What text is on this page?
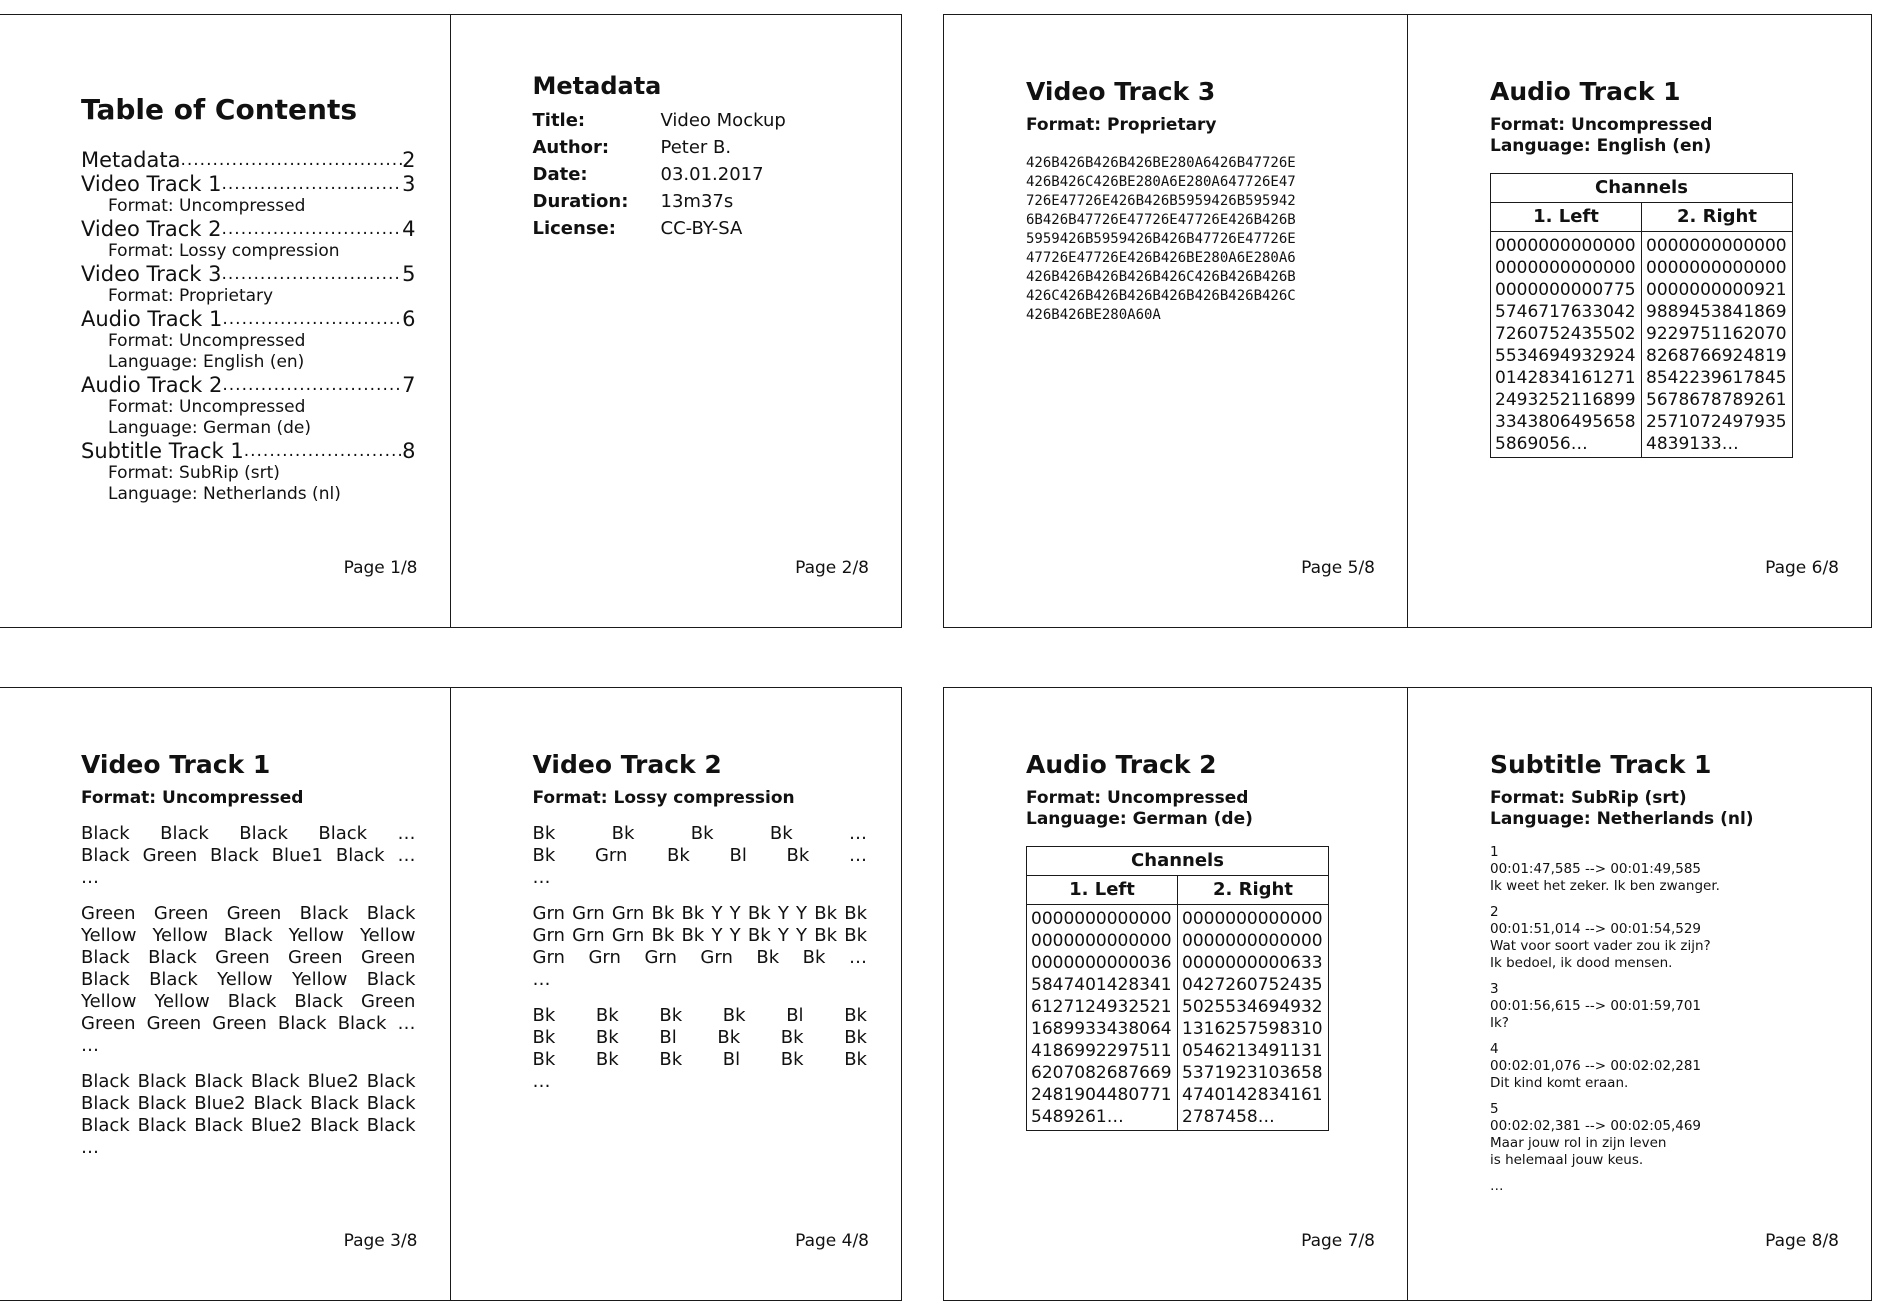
Table of Contents
Metadata .....	2
Video Track 1 .....	3
Format: Uncompressed
Video Track 2 .....	4
Format: Lossy compression
Video Track 3 .....	5
Format: Proprietary
Audio Track 1 .....	6
Format: Uncompressed
Language: English (en)
Audio Track 2 .....	7
Format: Uncompressed
Language: German (de)
Subtitle Track 1 .....	8
Format: SubRip (srt)
Language: Netherlands (nl)

Page 1/8

Metadata
Title:	Video Mockup
Author:	Peter B.
Date:	03.01.2017
Duration:	13m37s
License:	CC-BY-SA

Page 2/8

Video Track 3

Format: Proprietary

426B426B426B426BE280A6426B47726E
426B426C426BE280A6E280A647726E47
726E47726E426B426B5959426B595942
6B426B47726E47726E47726E426B426B
5959426B5959426B426B47726E47726E
47726E47726E426B426BE280A6E280A6
426B426B426B426B426C426B426B426B
426C426B426B426B426B426B426B426C
426B426BE280A60A

Page 5/8

Audio Track 1

Format: Uncompressed

Language: English (en)

Channels	
1. Left	2. Right
0000000000000	0000000000000
0000000000000	0000000000000
0000000000775	0000000000921
5746717633042	9889453841869
7260752435502	9229751162070
5534694932924	8268766924819
0142834161271	8542239617845
2493252116899	5678678789261
3343806495658	2571072497935
5869056…	4839133…

Page 6/8

Video Track 1

Format: Uncompressed

Black Black Black Black …
Black Green Black Blue1 Black …
…
Green Green Green Black Black
Yellow Yellow Black Yellow Yellow
Black Black Green Green Green
Black Black Yellow Yellow Black
Yellow Yellow Black Black Green
Green Green Green Black Black …
…
Black Black Black Black Blue2 Black
Black Black Blue2 Black Black Black
Black Black Black Blue2 Black Black
…

Page 3/8

Video Track 2

Format: Lossy compression

Bk	Bk	Bk	Bk	…
Bk Grn Bk Bl Bk …
…
Grn Grn Grn Bk Bk Y Y Bk Y Y Bk Bk
Grn Grn Grn Bk Bk Y Y Bk Y Y Bk Bk
Grn Grn Grn Grn Bk Bk …
…
Bk Bk Bk Bk Bl Bk
Bk Bk Bl Bk Bk Bk
Bk Bk Bk Bl Bk Bk
…

Page 4/8

Audio Track 2

Format: Uncompressed

Language: German (de)

Channels	
1. Left	2. Right
0000000000000	0000000000000
0000000000000	0000000000000
0000000000036	0000000000633
5847401428341	0427260752435
6127124932521	5025534694932
1689933438064	1316257598310
4186992297511	0546213491131
6207082687669	5371923103658
2481904480771	4740142834161
5489261…	2787458…

Page 7/8

Subtitle Track 1

Format: SubRip (srt)

Language: Netherlands (nl)

1
00:01:47,585 --> 00:01:49,585
Ik weet het zeker. Ik ben zwanger.
2
00:01:51,014 --> 00:01:54,529
Wat voor soort vader zou ik zijn?
Ik bedoel, ik dood mensen.
3
00:01:56,615 --> 00:01:59,701
Ik?
4
00:02:01,076 --> 00:02:02,281
Dit kind komt eraan.
5
00:02:02,381 --> 00:02:05,469
Maar jouw rol in zijn leven
is helemaal jouw keus.
…

Page 8/8
